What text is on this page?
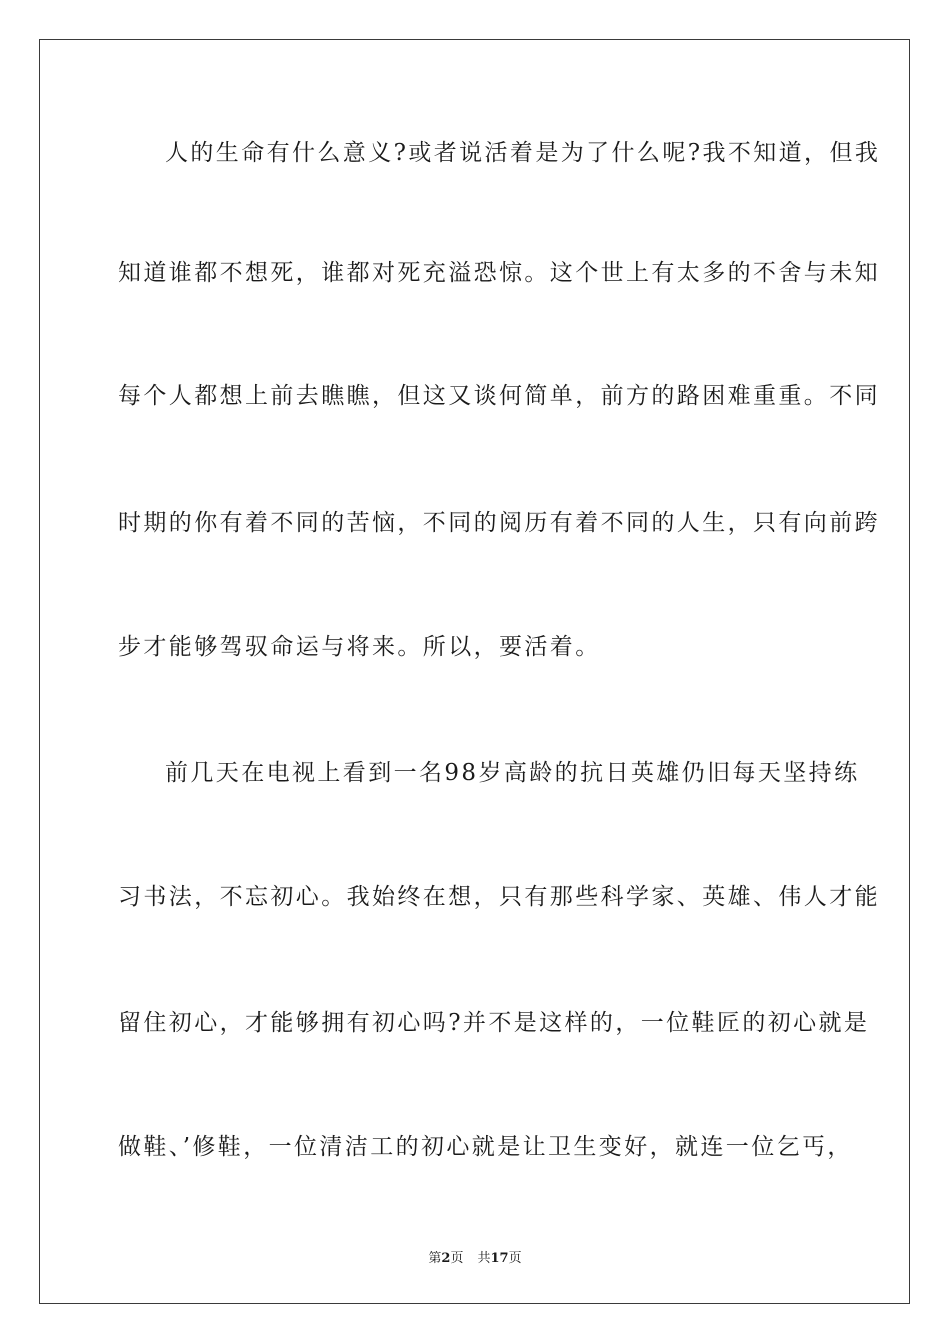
人的生命有什么意义?或者说活着是为了什么呢?我不知道，但我
知道谁都不想死，谁都对死充溢恐惊。这个世上有太多的不舍与未知
每个人都想上前去瞧瞧，但这又谈何简单，前方的路困难重重。不同
时期的你有着不同的苦恼，不同的阅历有着不同的人生，只有向前跨
步才能够驾驭命运与将来。所以，要活着。
前几天在电视上看到一名98岁高龄的抗日英雄仍旧每天坚持练
习书法，不忘初心。我始终在想，只有那些科学家、英雄、伟人才能
留住初心，才能够拥有初心吗?并不是这样的，一位鞋匠的初心就是
做鞋、’修鞋，一位清洁工的初心就是让卫生变好，就连一位乞丐，
第2页 共17页
